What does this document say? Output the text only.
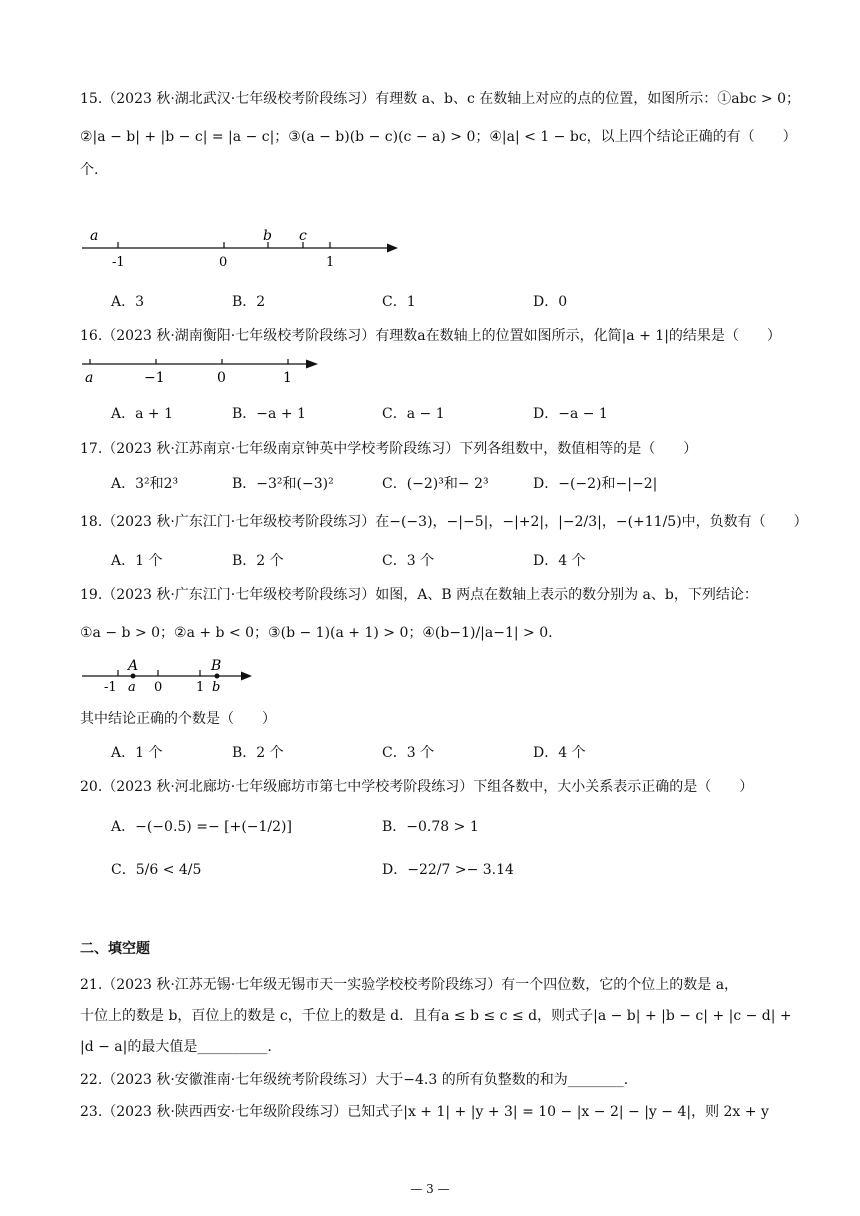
15.（2023 秋·湖北武汉·七年级校考阶段练习）有理数 a、b、c 在数轴上对应的点的位置，如图所示：①abc > 0；
②|a − b| + |b − c| = |a − c|；③(a − b)(b − c)(c − a) > 0；④|a| < 1 − bc，以上四个结论正确的有（　　）
个.
a	b c
-1	0	1
A．3	B．2	C．1	D．0
16.（2023 秋·湖南衡阳·七年级校考阶段练习）有理数a在数轴上的位置如图所示，化简|a + 1|的结果是（　　）
a	−1	0	1
A．a + 1	B．−a + 1	C．a − 1	D．−a − 1
17.（2023 秋·江苏南京·七年级南京钟英中学校考阶段练习）下列各组数中，数值相等的是（　　）
A．3²和2³	B．−3²和(−3)²	C．(−2)³和− 2³	D．−(−2)和−|−2|
18.（2023 秋·广东江门·七年级校考阶段练习）在−(−3)，−|−5|，−|+2|，|−2/3|，−(+11/5)中，负数有（　　）
A．1 个	B．2 个	C．3 个	D．4 个
19.（2023 秋·广东江门·七年级校考阶段练习）如图，A、B 两点在数轴上表示的数分别为 a、b，下列结论：
①a − b > 0；②a + b < 0；③(b − 1)(a + 1) > 0；④(b−1)/|a−1| > 0.
A	B
-1 a 0	1 b
其中结论正确的个数是（　　）
A．1 个	B．2 个	C．3 个	D．4 个
20.（2023 秋·河北廊坊·七年级廊坊市第七中学校考阶段练习）下组各数中，大小关系表示正确的是（　　）
A．−(−0.5) =− [+(−1/2)]	B．−0.78 > 1
C．5/6 < 4/5	D．−22/7 >− 3.14
二、填空题
21.（2023 秋·江苏无锡·七年级无锡市天一实验学校校考阶段练习）有一个四位数，它的个位上的数是 a，
十位上的数是 b，百位上的数是 c，千位上的数是 d．且有a ≤ b ≤ c ≤ d，则式子|a − b| + |b − c| + |c − d| +
|d − a|的最大值是__________.
22.（2023 秋·安徽淮南·七年级统考阶段练习）大于−4.3 的所有负整数的和为________.
23.（2023 秋·陕西西安·七年级阶段练习）已知式子|x + 1| + |y + 3| = 10 − |x − 2| − |y − 4|，则 2x + y
— 3 —
